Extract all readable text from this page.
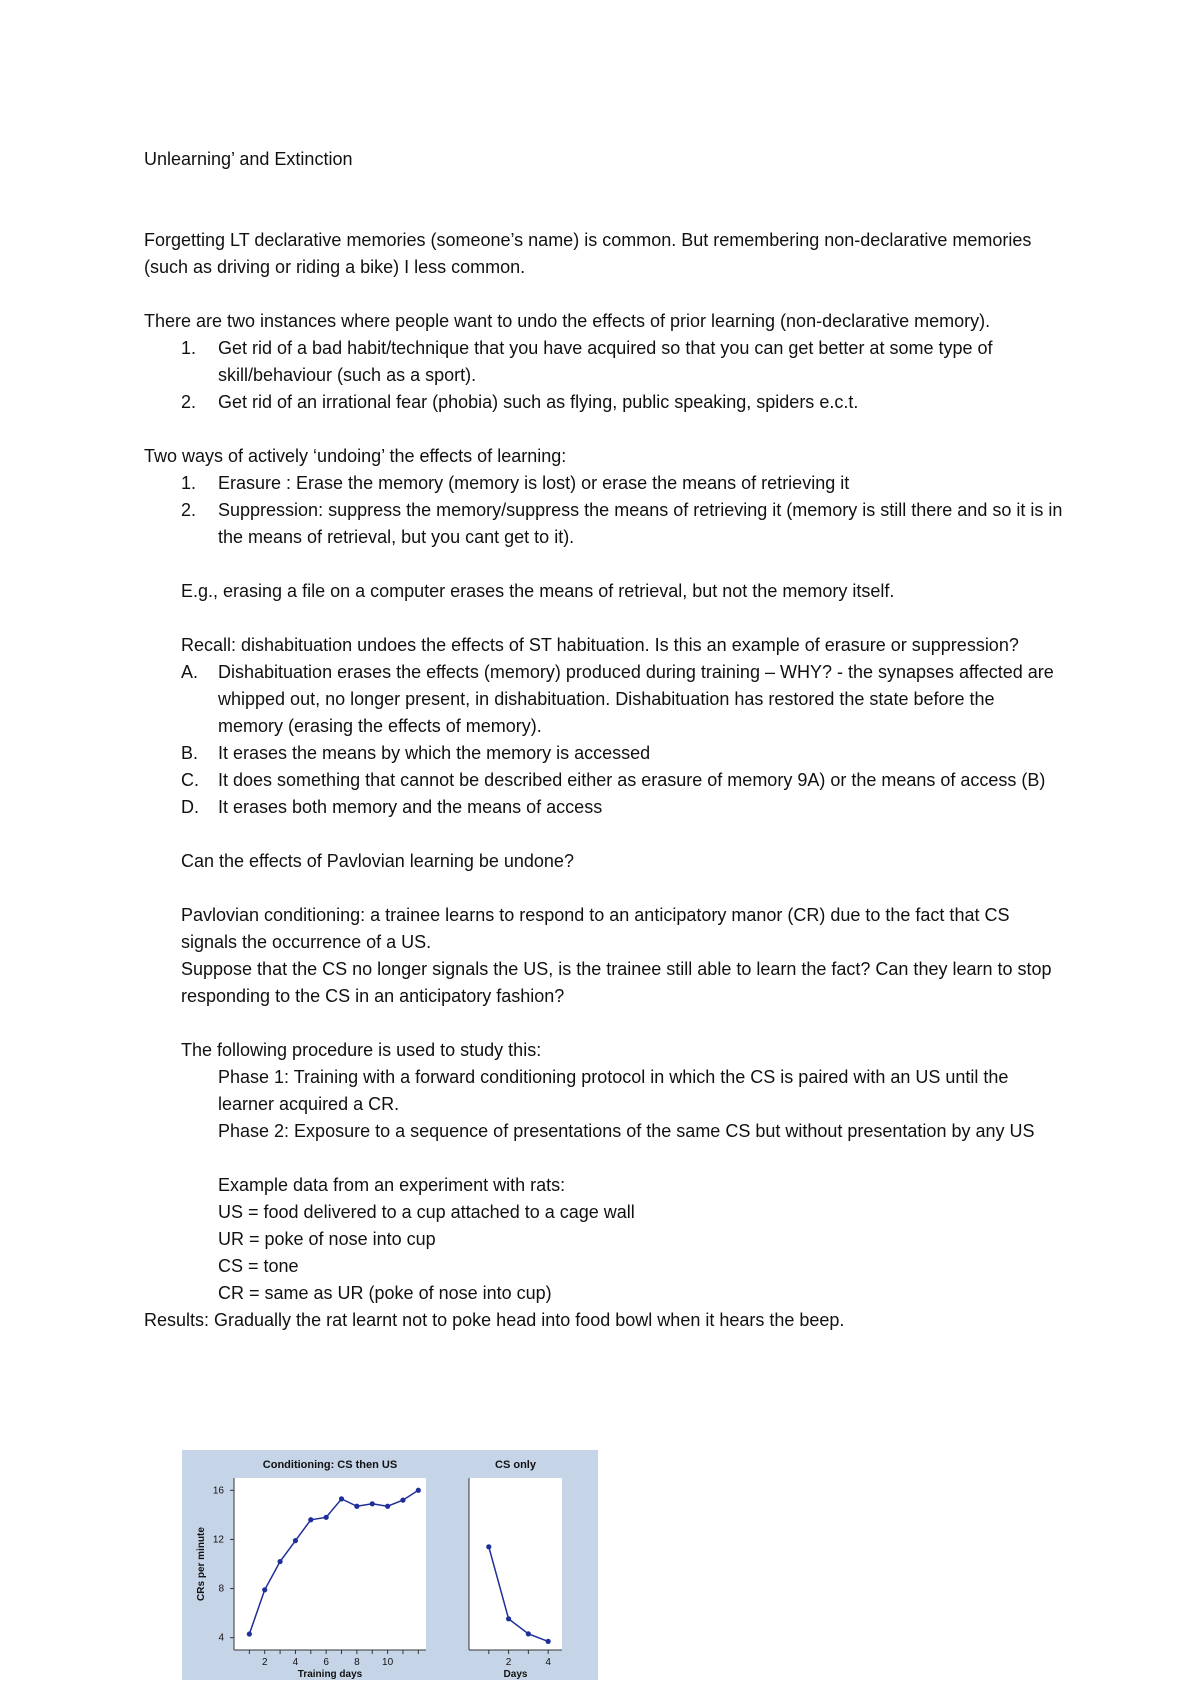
Unlearning’ and Extinction

Forgetting LT declarative memories (someone’s name) is common. But remembering non-declarative memories (such as driving or riding a bike) I less common.

There are two instances where people want to undo the effects of prior learning (non-declarative memory).

1.	Get rid of a bad habit/technique that you have acquired so that you can get better at some type of skill/behaviour (such as a sport).
2.	Get rid of an irrational fear (phobia) such as flying, public speaking, spiders e.c.t.

Two ways of actively ‘undoing’ the effects of learning:

1.	Erasure : Erase the memory (memory is lost) or erase the means of retrieving it
2.	Suppression: suppress the memory/suppress the means of retrieving it (memory is still there and so it is in the means of retrieval, but you cant get to it).

E.g., erasing a file on a computer erases the means of retrieval, but not the memory itself.

Recall: dishabituation undoes the effects of ST habituation. Is this an example of erasure or suppression?

A.	Dishabituation erases the effects (memory) produced during training – WHY? - the synapses affected are whipped out, no longer present, in dishabituation. Dishabituation has restored the state before the memory (erasing the effects of memory).
B.	It erases the means by which the memory is accessed
C.	It does something that cannot be described either as erasure of memory 9A) or the means of access (B)
D.	It erases both memory and the means of access

Can the effects of Pavlovian learning be undone?

Pavlovian conditioning: a trainee learns to respond to an anticipatory manor (CR) due to the fact that CS signals the occurrence of a US.

Suppose that the CS no longer signals the US, is the trainee still able to learn the fact? Can they learn to stop responding to the CS in an anticipatory fashion?

The following procedure is used to study this:

Phase 1: Training with a forward conditioning protocol in which the CS is paired with an US until the learner acquired a CR.

Phase 2: Exposure to a sequence of presentations of the same CS but without presentation by any US

Example data from an experiment with rats:

US = food delivered to a cup attached to a cage wall

UR = poke of nose into cup

CS = tone

CR = same as UR (poke of nose into cup)

Results: Gradually the rat learnt not to poke head into food bowl when it hears the beep.

Conditioning: CS then US
2	4	6	8 10
Training days
4
8
12
16
CRs per minute
CS only
2	4
Days
